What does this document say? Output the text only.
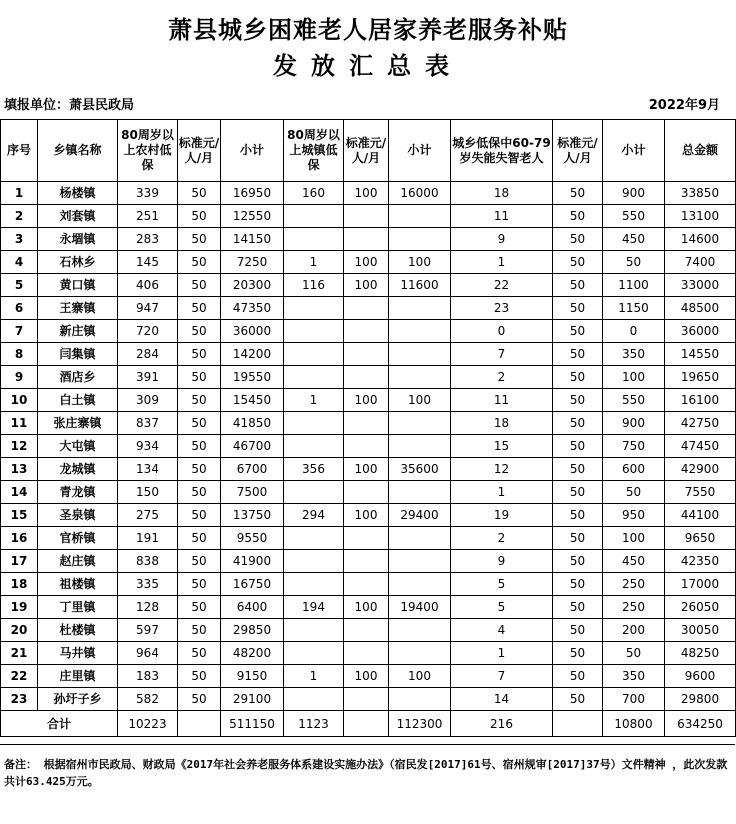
萧县城乡困难老人居家养老服务补贴
发放汇总表
填报单位：萧县民政局	2022年9月
序号	乡镇名称	80周岁以上农村低保	标准元/人/月	小计	80周岁以上城镇低保	标准元/人/月	小计	城乡低保中60-79岁失能失智老人	标准元/人/月	小计	总金额
1	杨楼镇	339	50	16950	160	100	16000	18	50	900	33850
2	刘套镇	251	50	12550				11	50	550	13100
3	永堌镇	283	50	14150				9	50	450	14600
4	石林乡	145	50	7250	1	100	100	1	50	50	7400
5	黄口镇	406	50	20300	116	100	11600	22	50	1100	33000
6	王寨镇	947	50	47350				23	50	1150	48500
7	新庄镇	720	50	36000				0	50	0	36000
8	闫集镇	284	50	14200				7	50	350	14550
9	酒店乡	391	50	19550				2	50	100	19650
10	白土镇	309	50	15450	1	100	100	11	50	550	16100
11	张庄寨镇	837	50	41850				18	50	900	42750
12	大屯镇	934	50	46700				15	50	750	47450
13	龙城镇	134	50	6700	356	100	35600	12	50	600	42900
14	青龙镇	150	50	7500				1	50	50	7550
15	圣泉镇	275	50	13750	294	100	29400	19	50	950	44100
16	官桥镇	191	50	9550				2	50	100	9650
17	赵庄镇	838	50	41900				9	50	450	42350
18	祖楼镇	335	50	16750				5	50	250	17000
19	丁里镇	128	50	6400	194	100	19400	5	50	250	26050
20	杜楼镇	597	50	29850				4	50	200	30050
21	马井镇	964	50	48200				1	50	50	48250
22	庄里镇	183	50	9150	1	100	100	7	50	350	9600
23	孙圩子乡	582	50	29100				14	50	700	29800
合计		10223		511150	1123		112300	216		10800	634250
备注： 根据宿州市民政局、财政局《2017年社会养老服务体系建设实施办法》（宿民发[2017]61号、宿州规审[2017]37号）文件精神 ，此次发款共计63.425万元。
